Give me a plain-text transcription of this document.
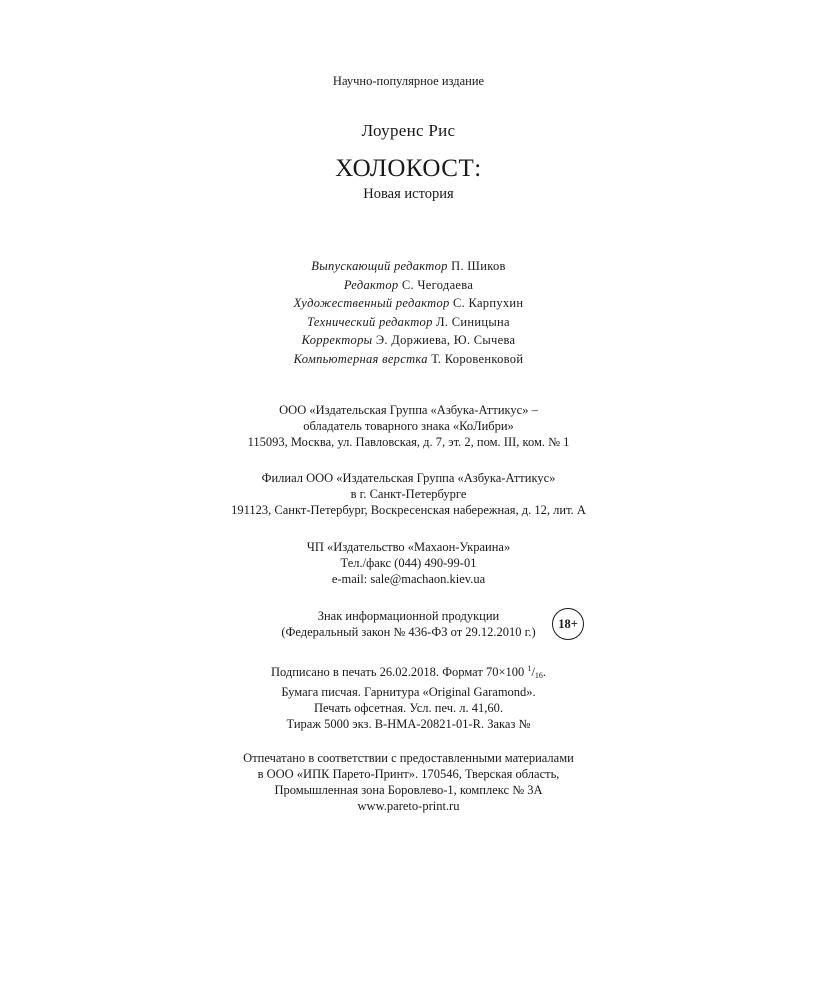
Научно-популярное издание
Лоуренс Рис
ХОЛОКОСТ:
Новая история
Выпускающий редактор П. Шиков
Редактор С. Чегодаева
Художественный редактор С. Карпухин
Технический редактор Л. Синицына
Корректоры Э. Доржиева, Ю. Сычева
Компьютерная верстка Т. Коровенковой
ООО «Издательская Группа «Азбука-Аттикус» –
обладатель товарного знака «КоЛибри»
115093, Москва, ул. Павловская, д. 7, эт. 2, пом. III, ком. № 1
Филиал ООО «Издательская Группа «Азбука-Аттикус»
в г. Санкт-Петербурге
191123, Санкт-Петербург, Воскресенская набережная, д. 12, лит. А
ЧП «Издательство «Махаон-Украина»
Тел./факс (044) 490-99-01
e-mail: sale@machaon.kiev.ua
Знак информационной продукции
(Федеральный закон № 436-ФЗ от 29.12.2010 г.)
18+
Подписано в печать 26.02.2018. Формат 70×100 $^1/_{16}$.
Бумага писчая. Гарнитура «Original Garamond».
Печать офсетная. Усл. печ. л. 41,60.
Тираж 5000 экз. В-НМА-20821-01-R. Заказ №
Отпечатано в соответствии с предоставленными материалами
в ООО «ИПК Парето-Принт». 170546, Тверская область,
Промышленная зона Боровлево-1, комплекс № 3А
www.pareto-print.ru
